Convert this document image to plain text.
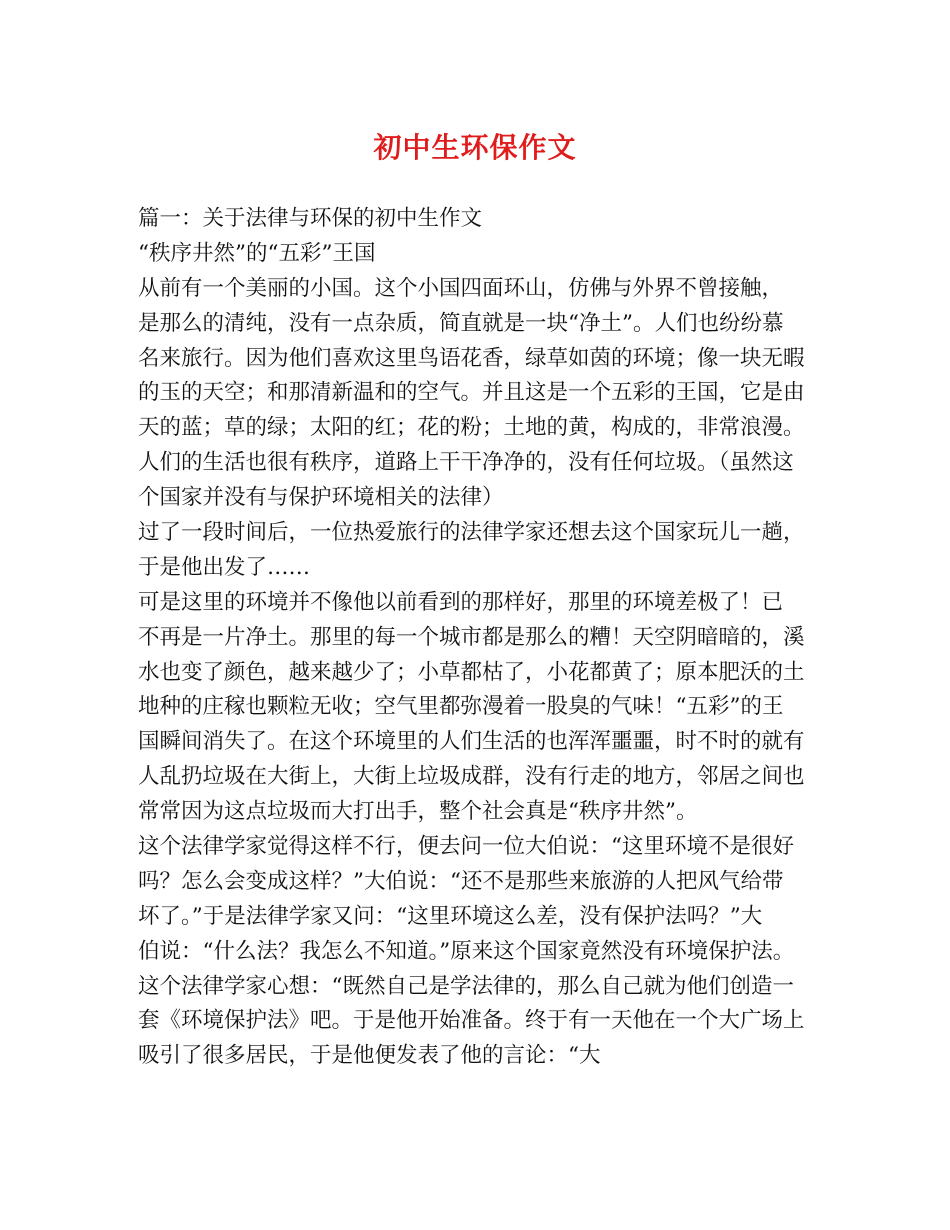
初中生环保作文
篇一：关于法律与环保的初中生作文
“秩序井然”的“五彩”王国
从前有一个美丽的小国。这个小国四面环山，仿佛与外界不曾接触，
是那么的清纯，没有一点杂质，简直就是一块“净土”。人们也纷纷慕
名来旅行。因为他们喜欢这里鸟语花香，绿草如茵的环境；像一块无暇
的玉的天空；和那清新温和的空气。并且这是一个五彩的王国，它是由
天的蓝；草的绿；太阳的红；花的粉；土地的黄，构成的，非常浪漫。
人们的生活也很有秩序，道路上干干净净的，没有任何垃圾。（虽然这
个国家并没有与保护环境相关的法律）
过了一段时间后，一位热爱旅行的法律学家还想去这个国家玩儿一趟，
于是他出发了……
可是这里的环境并不像他以前看到的那样好，那里的环境差极了！已
不再是一片净土。那里的每一个城市都是那么的糟！天空阴暗暗的，溪
水也变了颜色，越来越少了；小草都枯了，小花都黄了；原本肥沃的土
地种的庄稼也颗粒无收；空气里都弥漫着一股臭的气味！“五彩”的王
国瞬间消失了。在这个环境里的人们生活的也浑浑噩噩，时不时的就有
人乱扔垃圾在大街上，大街上垃圾成群，没有行走的地方，邻居之间也
常常因为这点垃圾而大打出手，整个社会真是“秩序井然”。
这个法律学家觉得这样不行，便去问一位大伯说：“这里环境不是很好
吗？怎么会变成这样？”大伯说：“还不是那些来旅游的人把风气给带
坏了。”于是法律学家又问：“这里环境这么差，没有保护法吗？”大
伯说：“什么法？我怎么不知道。”原来这个国家竟然没有环境保护法。
这个法律学家心想：“既然自己是学法律的，那么自己就为他们创造一
套《环境保护法》吧。于是他开始准备。终于有一天他在一个大广场上
吸引了很多居民，于是他便发表了他的言论：“大
